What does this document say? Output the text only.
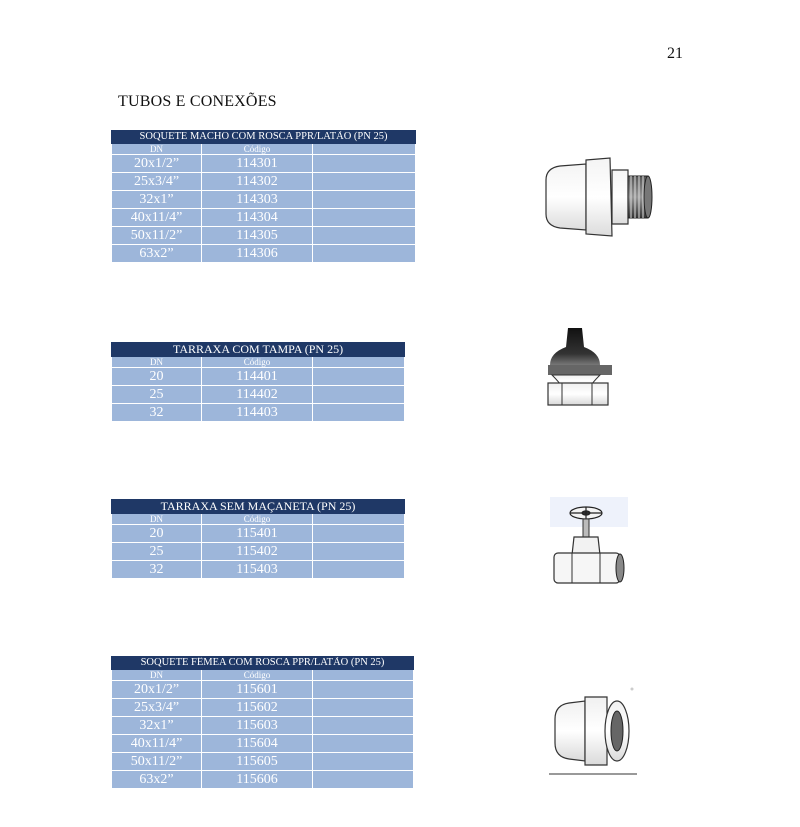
21
TUBOS E CONEXÕES
SOQUETE MACHO COM ROSCA PPR/LATÃO (PN 25)		
DN	Código	
20x1/2”	114301	
25x3/4”	114302	
32x1”	114303	
40x11/4”	114304	
50x11/2”	114305	
63x2”	114306	
TARRAXA COM TAMPA (PN 25)		
DN	Código	
20	114401	
25	114402	
32	114403	
TARRAXA SEM MAÇANETA (PN 25)		
DN	Código	
20	115401	
25	115402	
32	115403	
SOQUETE FÊMEA COM ROSCA PPR/LATÃO (PN 25)		
DN	Código	
20x1/2”	115601	
25x3/4”	115602	
32x1”	115603	
40x11/4”	115604	
50x11/2”	115605	
63x2”	115606	
